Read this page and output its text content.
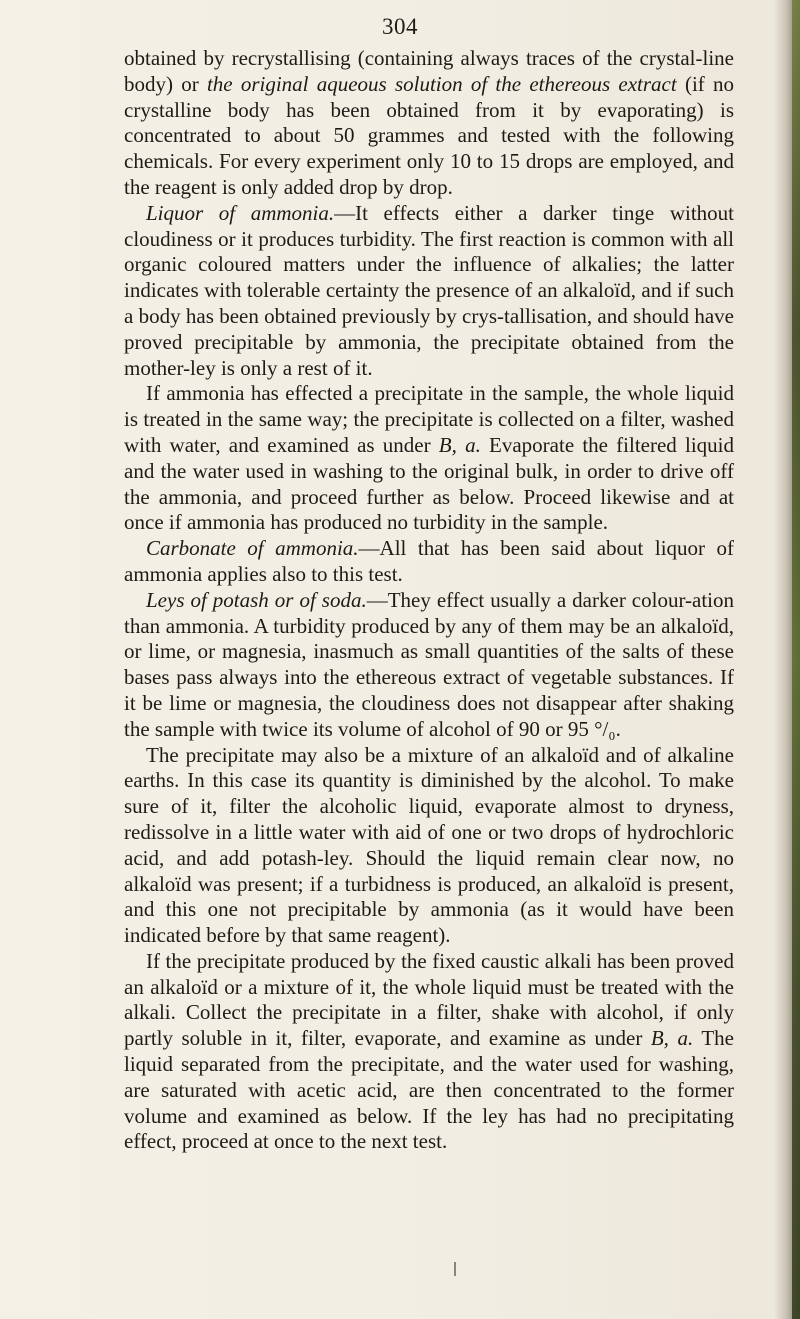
304

obtained by recrystallising (containing always traces of the crystal-line body) or the original aqueous solution of the ethereous extract (if no crystalline body has been obtained from it by evaporating) is concentrated to about 50 grammes and tested with the following chemicals. For every experiment only 10 to 15 drops are employed, and the reagent is only added drop by drop.

Liquor of ammonia.—It effects either a darker tinge without cloudiness or it produces turbidity. The first reaction is common with all organic coloured matters under the influence of alkalies; the latter indicates with tolerable certainty the presence of an alkaloïd, and if such a body has been obtained previously by crys-tallisation, and should have proved precipitable by ammonia, the precipitate obtained from the mother-ley is only a rest of it.

If ammonia has effected a precipitate in the sample, the whole liquid is treated in the same way; the precipitate is collected on a filter, washed with water, and examined as under B, a. Evaporate the filtered liquid and the water used in washing to the original bulk, in order to drive off the ammonia, and proceed further as below. Proceed likewise and at once if ammonia has produced no turbidity in the sample.

Carbonate of ammonia.—All that has been said about liquor of ammonia applies also to this test.

Leys of potash or of soda.—They effect usually a darker colour-ation than ammonia. A turbidity produced by any of them may be an alkaloïd, or lime, or magnesia, inasmuch as small quantities of the salts of these bases pass always into the ethereous extract of vegetable substances. If it be lime or magnesia, the cloudiness does not disappear after shaking the sample with twice its volume of alcohol of 90 or 95 °/₀.

The precipitate may also be a mixture of an alkaloïd and of alkaline earths. In this case its quantity is diminished by the alcohol. To make sure of it, filter the alcoholic liquid, evaporate almost to dryness, redissolve in a little water with aid of one or two drops of hydrochloric acid, and add potash-ley. Should the liquid remain clear now, no alkaloïd was present; if a turbidness is produced, an alkaloïd is present, and this one not precipitable by ammonia (as it would have been indicated before by that same reagent).

If the precipitate produced by the fixed caustic alkali has been proved an alkaloïd or a mixture of it, the whole liquid must be treated with the alkali. Collect the precipitate in a filter, shake with alcohol, if only partly soluble in it, filter, evaporate, and examine as under B, a. The liquid separated from the precipitate, and the water used for washing, are saturated with acetic acid, are then concentrated to the former volume and examined as below. If the ley has had no precipitating effect, proceed at once to the next test.
